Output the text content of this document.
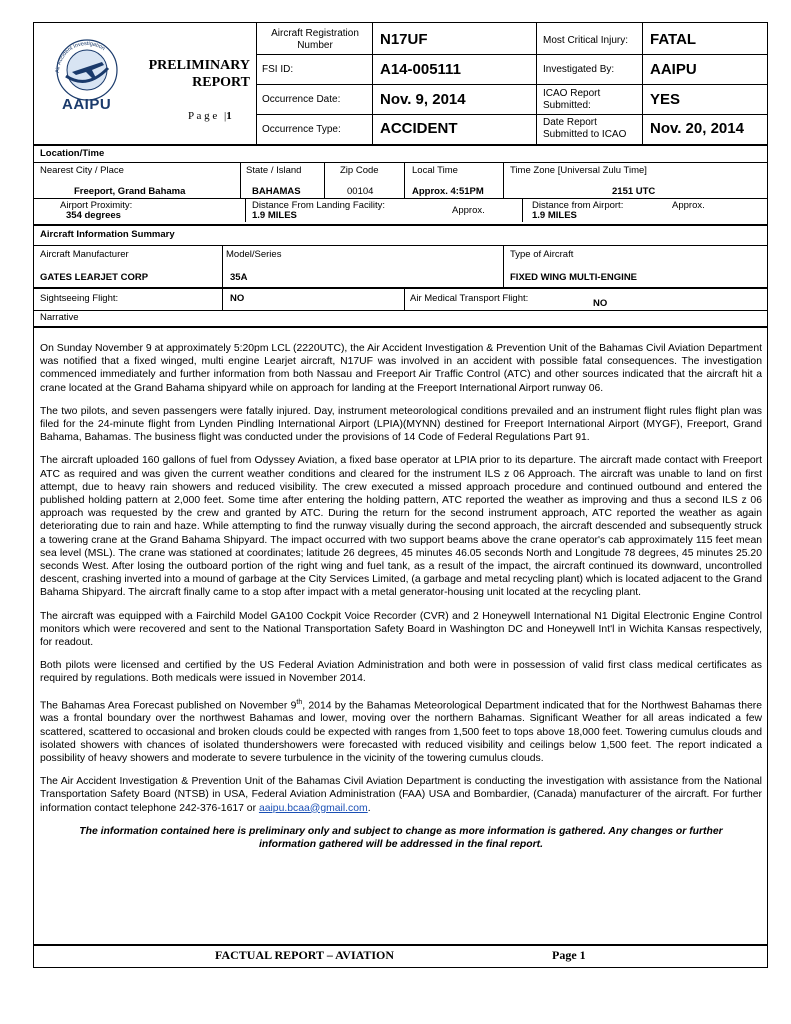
Air Accident Investigation
AAIPU
PRELIMINARY
REPORT
P a g e |1
Aircraft Registration Number	N17UF	Most Critical Injury: FATAL
FSI ID:	A14-005111	Investigated By: AAIPU
Occurrence Date:	Nov. 9, 2014	ICAO Report Submitted:	YES
Occurrence Type:	ACCIDENT	Date Report Submitted to ICAO	Nov. 20, 2014
Location/Time
Nearest City / Place
Freeport, Grand Bahama
State / Island
BAHAMAS
Zip Code
00104
Local Time
Approx. 4:51PM
Time Zone [Universal Zulu Time]
2151 UTC
Airport Proximity:
354 degrees
Distance From Landing Facility:
1.9 MILES	Approx.	Distance from Airport:
1.9 MILES
Approx.
Aircraft Information Summary
Aircraft Manufacturer
GATES LEARJET CORP
Model/Series
35A
Type of Aircraft
FIXED WING MULTI-ENGINE
Sightseeing Flight:	NO	Air Medical Transport Flight:	NO
Narrative

On Sunday November 9 at approximately 5:20pm LCL (2220UTC), the Air Accident Investigation & Prevention Unit of the Bahamas Civil Aviation Department was notified that a fixed winged, multi engine Learjet aircraft, N17UF was involved in an accident with possible fatal consequences. The investigation commenced immediately and further information from both Nassau and Freeport Air Traffic Control (ATC) and other sources indicated that the aircraft hit a crane located at the Grand Bahama shipyard while on approach for landing at the Freeport International Airport runway 06.

The two pilots, and seven passengers were fatally injured. Day, instrument meteorological conditions prevailed and an instrument flight rules flight plan was filed for the 24-minute flight from Lynden Pindling International Airport (LPIA)(MYNN) destined for Freeport International Airport (MYGF), Freeport, Grand Bahama, Bahamas. The business flight was conducted under the provisions of 14 Code of Federal Regulations Part 91.

The aircraft uploaded 160 gallons of fuel from Odyssey Aviation, a fixed base operator at LPIA prior to its departure. The aircraft made contact with Freeport ATC as required and was given the current weather conditions and cleared for the instrument ILS z 06 Approach. The aircraft was unable to land on first attempt, due to heavy rain showers and reduced visibility. The crew executed a missed approach procedure and continued outbound and entered the published holding pattern at 2,000 feet. Some time after entering the holding pattern, ATC reported the weather as improving and thus a second ILS z 06 approach was requested by the crew and granted by ATC. During the return for the second instrument approach, ATC reported the weather as again deteriorating due to rain and haze. While attempting to find the runway visually during the second approach, the aircraft descended and subsequently struck a towering crane at the Grand Bahama Shipyard. The impact occurred with two support beams above the crane operator's cab approximately 115 feet mean sea level (MSL). The crane was stationed at coordinates; latitude 26 degrees, 45 minutes 46.05 seconds North and Longitude 78 degrees, 45 minutes 25.20 seconds West. After losing the outboard portion of the right wing and fuel tank, as a result of the impact, the aircraft continued its downward, uncontrolled descent, crashing inverted into a mound of garbage at the City Services Limited, (a garbage and metal recycling plant) which is located adjacent to the Grand Bahama Shipyard. The aircraft finally came to a stop after impact with a metal generator-housing unit located at the recycling plant.

The aircraft was equipped with a Fairchild Model GA100 Cockpit Voice Recorder (CVR) and 2 Honeywell International N1 Digital Electronic Engine Control monitors which were recovered and sent to the National Transportation Safety Board in Washington DC and Honeywell Int'l in Wichita Kansas respectively, for readout.

Both pilots were licensed and certified by the US Federal Aviation Administration and both were in possession of valid first class medical certificates as required by regulations. Both medicals were issued in November 2014.

The Bahamas Area Forecast published on November 9th, 2014 by the Bahamas Meteorological Department indicated that for the Northwest Bahamas there was a frontal boundary over the northwest Bahamas and lower, moving over the northern Bahamas. Significant Weather for all areas indicated a few scattered, scattered to occasional and broken clouds could be expected with ranges from 1,500 feet to tops above 18,000 feet. Towering cumulus clouds and isolated showers with chances of isolated thundershowers were forecasted with reduced visibility and ceilings below 1,500 feet. The report indicated a possibility of heavy showers and moderate to severe turbulence in the vicinity of the towering cumulus clouds.

The Air Accident Investigation & Prevention Unit of the Bahamas Civil Aviation Department is conducting the investigation with assistance from the National Transportation Safety Board (NTSB) in USA, Federal Aviation Administration (FAA) USA and Bombardier, (Canada) manufacturer of the aircraft. For further information contact telephone 242-376-1617 or aaipu.bcaa@gmail.com.

The information contained here is preliminary only and subject to change as more information is gathered. Any changes or further information gathered will be addressed in the final report.

FACTUAL REPORT – AVIATION	Page 1
